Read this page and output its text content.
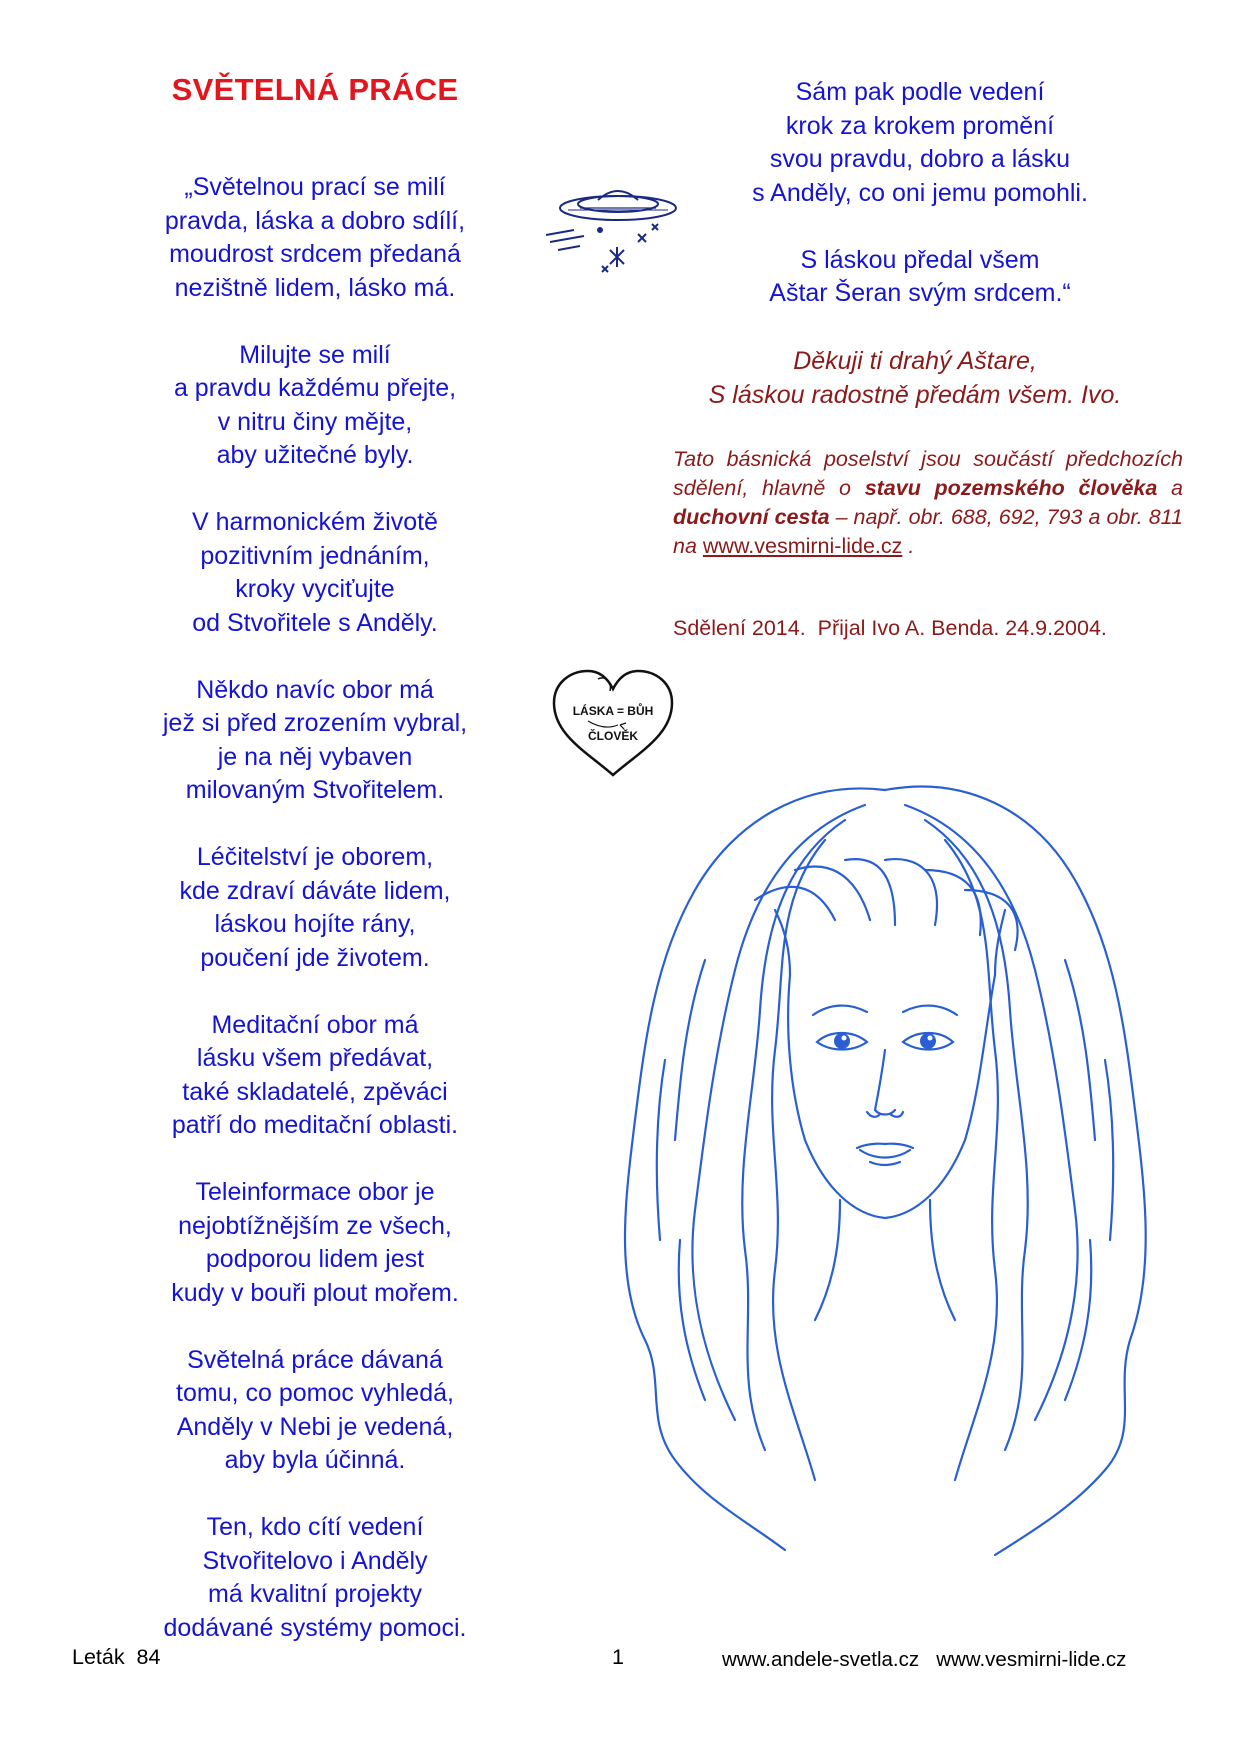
SVĚTELNÁ PRÁCE
„Světelnou prací se milí
pravda, láska a dobro sdílí,
moudrost srdcem předaná
nezištně lidem, lásko má.
Milujte se milí
a pravdu každému přejte,
v nitru činy mějte,
aby užitečné byly.
V harmonickém životě
pozitivním jednáním,
kroky vyciťujte
od Stvořitele s Anděly.
Někdo navíc obor má
jež si před zrozením vybral,
je na něj vybaven
milovaným Stvořitelem.
Léčitelství je oborem,
kde zdraví dáváte lidem,
láskou hojíte rány,
poučení jde životem.
Meditační obor má
lásku všem předávat,
také skladatelé, zpěváci
patří do meditační oblasti.
Teleinformace obor je
nejobtížnějším ze všech,
podporou lidem jest
kudy v bouři plout mořem.
Světelná práce dávaná
tomu, co pomoc vyhledá,
Anděly v Nebi je vedená,
aby byla účinná.
Ten, kdo cítí vedení
Stvořitelovo i Anděly
má kvalitní projekty
dodávané systémy pomoci.
Sám pak podle vedení
krok za krokem promění
svou pravdu, dobro a lásku
s Anděly, co oni jemu pomohli.
S láskou předal všem
Aštar Šeran svým srdcem.“
Děkuji ti drahý Aštare,
S láskou radostně předám všem. Ivo.
Tato básnická poselství jsou součástí předchozích sdělení, hlavně o stavu pozemského člověka a duchovní cesta – např. obr. 688, 692, 793 a obr. 811 na www.vesmirni-lide.cz .
Sdělení 2014.  Přijal Ivo A. Benda. 24.9.2004.
LÁSKA = BŮH
ČLOVĚK
Leták  84	1	www.andele-svetla.cz   www.vesmirni-lide.cz
